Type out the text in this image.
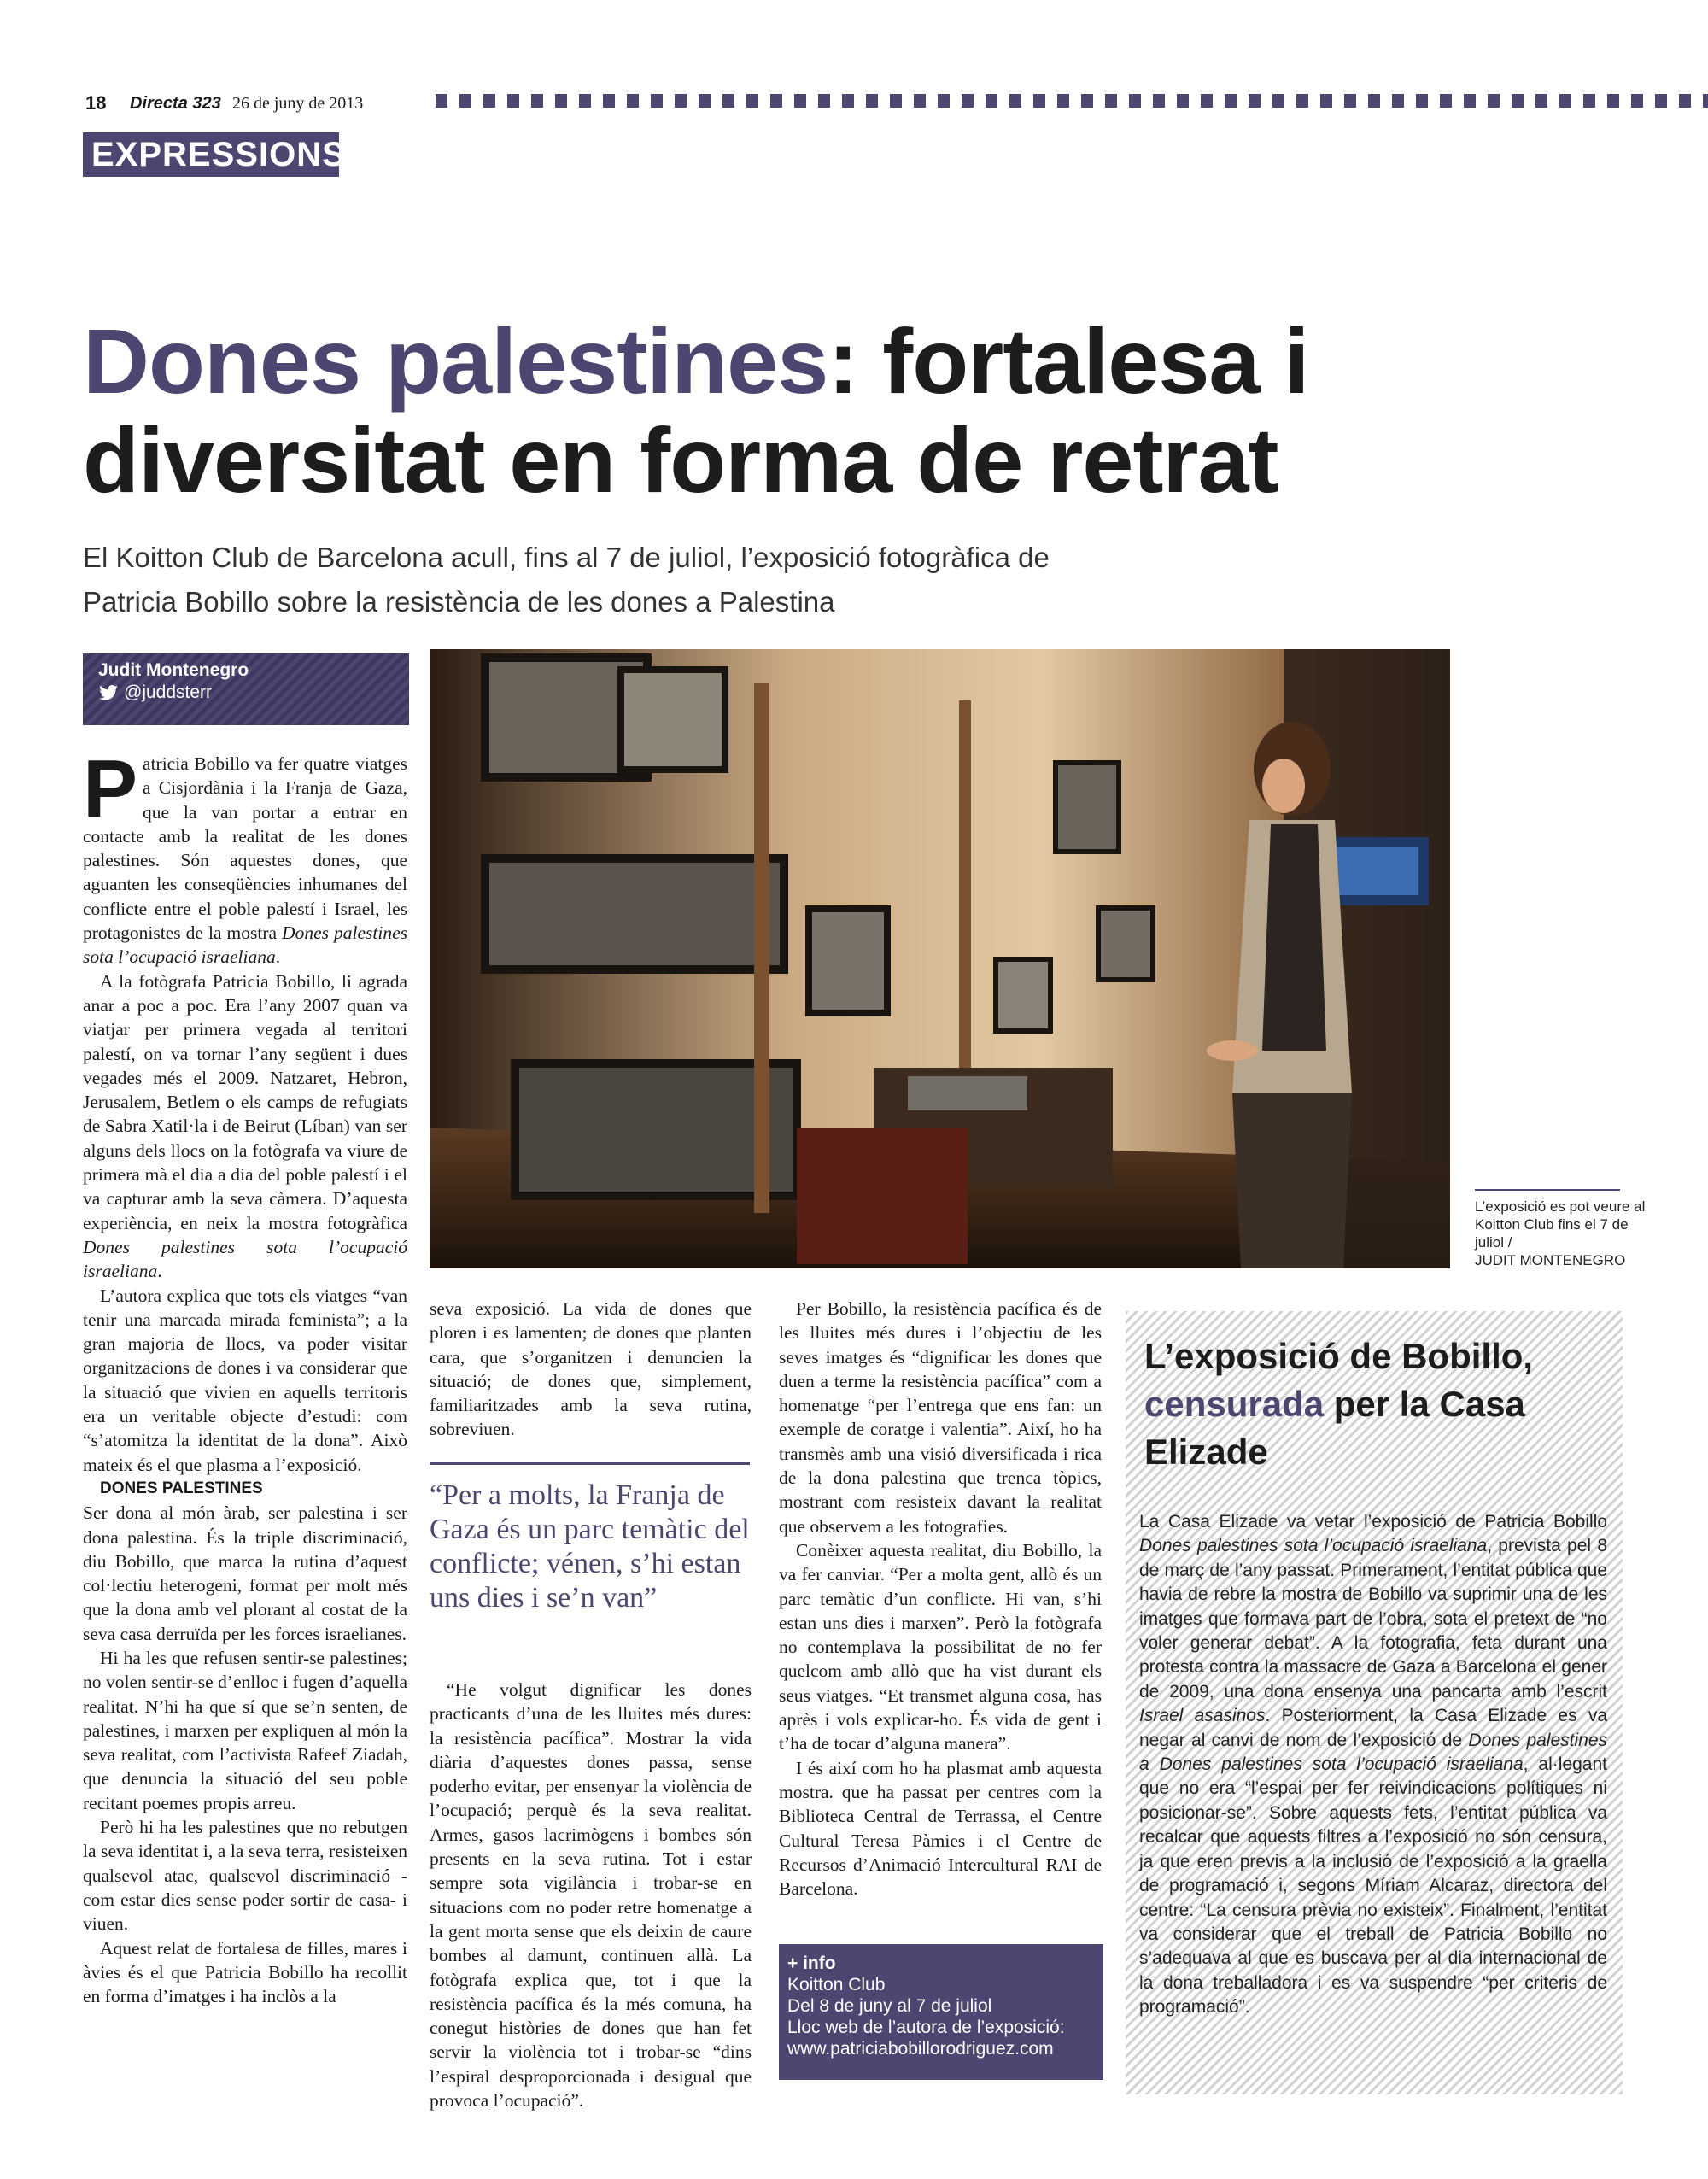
18 Directa 323 26 de juny de 2013
EXPRESSIONS
Dones palestines: fortalesa i diversitat en forma de retrat

El Koitton Club de Barcelona acull, fins al 7 de juliol, l’exposició fotogràfica de Patricia Bobillo sobre la resistència de les dones a Palestina

Judit Montenegro
@juddsterr
L’exposició es pot veure al Koitton Club fins el 7 de juliol /
JUDIT MONTENEGRO

Patricia Bobillo va fer quatre viatges a Cisjordània i la Franja de Gaza, que la van portar a entrar en contacte amb la realitat de les dones palestines. Són aquestes dones, que aguanten les conseqüències inhumanes del conflicte entre el poble palestí i Israel, les protagonistes de la mostra Dones palestines sota l’ocupació israeliana.

A la fotògrafa Patricia Bobillo, li agrada anar a poc a poc. Era l’any 2007 quan va viatjar per primera vegada al territori palestí, on va tornar l’any següent i dues vegades més el 2009. Natzaret, Hebron, Jerusalem, Betlem o els camps de refugiats de Sabra Xatil·la i de Beirut (Líban) van ser alguns dels llocs on la fotògrafa va viure de primera mà el dia a dia del poble palestí i el va capturar amb la seva càmera. D’aquesta experiència, en neix la mostra fotogràfica Dones palestines sota l’ocupació israeliana.

L’autora explica que tots els viatges “van tenir una marcada mirada feminista”; a la gran majoria de llocs, va poder visitar organitzacions de dones i va considerar que la situació que vivien en aquells territoris era un veritable objecte d’estudi: com “s’atomitza la identitat de la dona”. Això mateix és el que plasma a l’exposició.

DONES PALESTINES

Ser dona al món àrab, ser palestina i ser dona palestina. És la triple discriminació, diu Bobillo, que marca la rutina d’aquest col·lectiu heterogeni, format per molt més que la dona amb vel plorant al costat de la seva casa derruïda per les forces israelianes.

Hi ha les que refusen sentir-se palestines; no volen sentir-se d’enlloc i fugen d’aquella realitat. N’hi ha que sí que se’n senten, de palestines, i marxen per expliquen al món la seva realitat, com l’activista Rafeef Ziadah, que denuncia la situació del seu poble recitant poemes propis arreu.

Però hi ha les palestines que no rebutgen la seva identitat i, a la seva terra, resisteixen qualsevol atac, qualsevol discriminació -com estar dies sense poder sortir de casa- i viuen.

Aquest relat de fortalesa de filles, mares i àvies és el que Patricia Bobillo ha recollit en forma d’imatges i ha inclòs a la

seva exposició. La vida de dones que ploren i es lamenten; de dones que planten cara, que s’organitzen i denuncien la situació; de dones que, simplement, familiaritzades amb la seva rutina, sobreviuen.

“Per a molts, la Franja de Gaza és un parc temàtic del conflicte; vénen, s’hi estan uns dies i se’n van”

“He volgut dignificar les dones practicants d’una de les lluites més dures: la resistència pacífica”. Mostrar la vida diària d’aquestes dones passa, sense poderho evitar, per ensenyar la violència de l’ocupació; perquè és la seva realitat. Armes, gasos lacrimògens i bombes són presents en la seva rutina. Tot i estar sempre sota vigilància i trobar-se en situacions com no poder retre homenatge a la gent morta sense que els deixin de caure bombes al damunt, continuen allà. La fotògrafa explica que, tot i que la resistència pacífica és la més comuna, ha conegut històries de dones que han fet servir la violència tot i trobar-se “dins l’espiral desproporcionada i desigual que provoca l’ocupació”.

Per Bobillo, la resistència pacífica és de les lluites més dures i l’objectiu de les seves imatges és “dignificar les dones que duen a terme la resistència pacífica” com a homenatge “per l’entrega que ens fan: un exemple de coratge i valentia”. Així, ho ha transmès amb una visió diversificada i rica de la dona palestina que trenca tòpics, mostrant com resisteix davant la realitat que observem a les fotografies.

Conèixer aquesta realitat, diu Bobillo, la va fer canviar. “Per a molta gent, allò és un parc temàtic d’un conflicte. Hi van, s’hi estan uns dies i marxen”. Però la fotògrafa no contemplava la possibilitat de no fer quelcom amb allò que ha vist durant els seus viatges. “Et transmet alguna cosa, has après i vols explicar-ho. És vida de gent i t’ha de tocar d’alguna manera”.

I és així com ho ha plasmat amb aquesta mostra. que ha passat per centres com la Biblioteca Central de Terrassa, el Centre Cultural Teresa Pàmies i el Centre de Recursos d’Animació Intercultural RAI de Barcelona.

+ info
Koitton Club
Del 8 de juny al 7 de juliol
Lloc web de l’autora de l’exposició:
www.patriciabobillorodriguez.com
L’exposició de Bobillo, censurada per la Casa Elizade

La Casa Elizade va vetar l’exposició de Patricia Bobillo Dones palestines sota l’ocupació israeliana, prevista pel 8 de març de l’any passat. Primerament, l’entitat pública que havia de rebre la mostra de Bobillo va suprimir una de les imatges que formava part de l’obra, sota el pretext de “no voler generar debat”. A la fotografia, feta durant una protesta contra la massacre de Gaza a Barcelona el gener de 2009, una dona ensenya una pancarta amb l’escrit Israel asasinos. Posteriorment, la Casa Elizade es va negar al canvi de nom de l’exposició de Dones palestines a Dones palestines sota l’ocupació israeliana, al·legant que no era “l’espai per fer reivindicacions polítiques ni posicionar-se”. Sobre aquests fets, l’entitat pública va recalcar que aquests filtres a l’exposició no són censura, ja que eren previs a la inclusió de l’exposició a la graella de programació i, segons Míriam Alcaraz, directora del centre: “La censura prèvia no existeix”. Finalment, l’entitat va considerar que el treball de Patricia Bobillo no s’adequava al que es buscava per al dia internacional de la dona treballadora i es va suspendre “per criteris de programació”.
